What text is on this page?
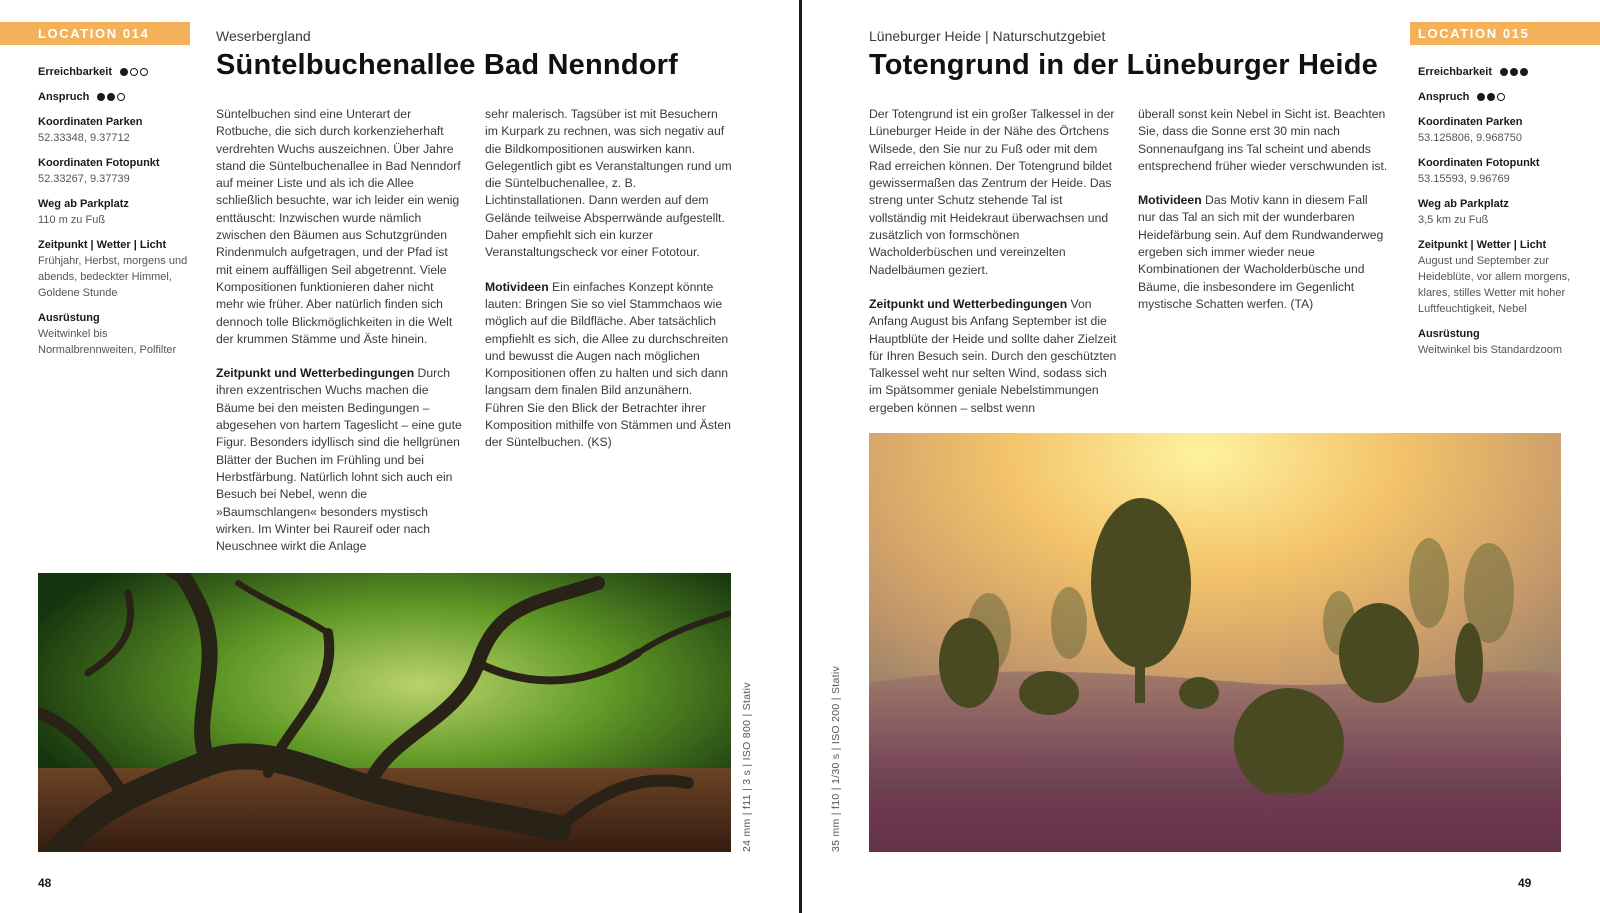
LOCATION 014	Weserbergland
Süntelbuchenallee Bad Nenndorf
Erreichbarkeit
Anspruch
Koordinaten Parken
52.33348, 9.37712
Koordinaten Fotopunkt
52.33267, 9.37739
Weg ab Parkplatz
110 m zu Fuß
Zeitpunkt | Wetter | Licht
Frühjahr, Herbst, morgens und abends, bedeckter Himmel, Goldene Stunde
Ausrüstung
Weitwinkel bis Normalbrennweiten, Polfilter

Süntelbuchen sind eine Unterart der Rotbuche, die sich durch korkenzieherhaft verdrehten Wuchs auszeichnen. Über Jahre stand die Süntelbuchenallee in Bad Nenndorf auf meiner Liste und als ich die Allee schließlich besuchte, war ich leider ein wenig enttäuscht: Inzwischen wurde nämlich zwischen den Bäumen aus Schutzgründen Rindenmulch aufgetragen, und der Pfad ist mit einem auffälligen Seil abgetrennt. Viele Kompositionen funktionieren daher nicht mehr wie früher. Aber natürlich finden sich dennoch tolle Blickmöglichkeiten in die Welt der krummen Stämme und Äste hinein.

Zeitpunkt und Wetterbedingungen Durch ihren exzentrischen Wuchs machen die Bäume bei den meisten Bedingungen – abgesehen von hartem Tageslicht – eine gute Figur. Besonders idyllisch sind die hellgrünen Blätter der Buchen im Frühling und bei Herbstfärbung. Natürlich lohnt sich auch ein Besuch bei Nebel, wenn die »Baumschlangen« besonders mystisch wirken. Im Winter bei Raureif oder nach Neuschnee wirkt die Anlage

sehr malerisch. Tagsüber ist mit Besuchern im Kurpark zu rechnen, was sich negativ auf die Bildkompositionen auswirken kann. Gelegentlich gibt es Veranstaltungen rund um die Süntelbuchenallee, z. B. Lichtinstallationen. Dann werden auf dem Gelände teilweise Absperrwände aufgestellt. Daher empfiehlt sich ein kurzer Veranstaltungscheck vor einer Fototour.

Motivideen Ein einfaches Konzept könnte lauten: Bringen Sie so viel Stammchaos wie möglich auf die Bildfläche. Aber tatsächlich empfiehlt es sich, die Allee zu durchschreiten und bewusst die Augen nach möglichen Kompositionen offen zu halten und sich dann langsam dem finalen Bild anzunähern. Führen Sie den Blick der Betrachter ihrer Komposition mithilfe von Stämmen und Ästen der Süntelbuchen. (KS)

24 mm | f11 | 3 s | ISO 800 | Stativ
48
LOCATION 015
Lüneburger Heide | Naturschutzgebiet
Totengrund in der Lüneburger Heide	Erreichbarkeit
Anspruch
Koordinaten Parken
53.125806, 9.968750
Koordinaten Fotopunkt
53.15593, 9.96769
Weg ab Parkplatz
3,5 km zu Fuß
Zeitpunkt | Wetter | Licht
August und September zur Heideblüte, vor allem morgens, klares, stilles Wetter mit hoher Luftfeuchtigkeit, Nebel
Ausrüstung
Weitwinkel bis Standardzoom

Der Totengrund ist ein großer Talkessel in der Lüneburger Heide in der Nähe des Örtchens Wilsede, den Sie nur zu Fuß oder mit dem Rad erreichen können. Der Totengrund bildet gewissermaßen das Zentrum der Heide. Das streng unter Schutz stehende Tal ist vollständig mit Heidekraut überwachsen und zusätzlich von formschönen Wacholderbüschen und vereinzelten Nadelbäumen geziert.

Zeitpunkt und Wetterbedingungen Von Anfang August bis Anfang September ist die Hauptblüte der Heide und sollte daher Zielzeit für Ihren Besuch sein. Durch den geschützten Talkessel weht nur selten Wind, sodass sich im Spätsommer geniale Nebelstimmungen ergeben können – selbst wenn

überall sonst kein Nebel in Sicht ist. Beachten Sie, dass die Sonne erst 30 min nach Sonnenaufgang ins Tal scheint und abends entsprechend früher wieder verschwunden ist.

Motivideen Das Motiv kann in diesem Fall nur das Tal an sich mit der wunderbaren Heidefärbung sein. Auf dem Rundwanderweg ergeben sich immer wieder neue Kombinationen der Wacholderbüsche und Bäume, die insbesondere im Gegenlicht mystische Schatten werfen. (TA)

35 mm | f10 | 1/30 s | ISO 200 | Stativ
49
